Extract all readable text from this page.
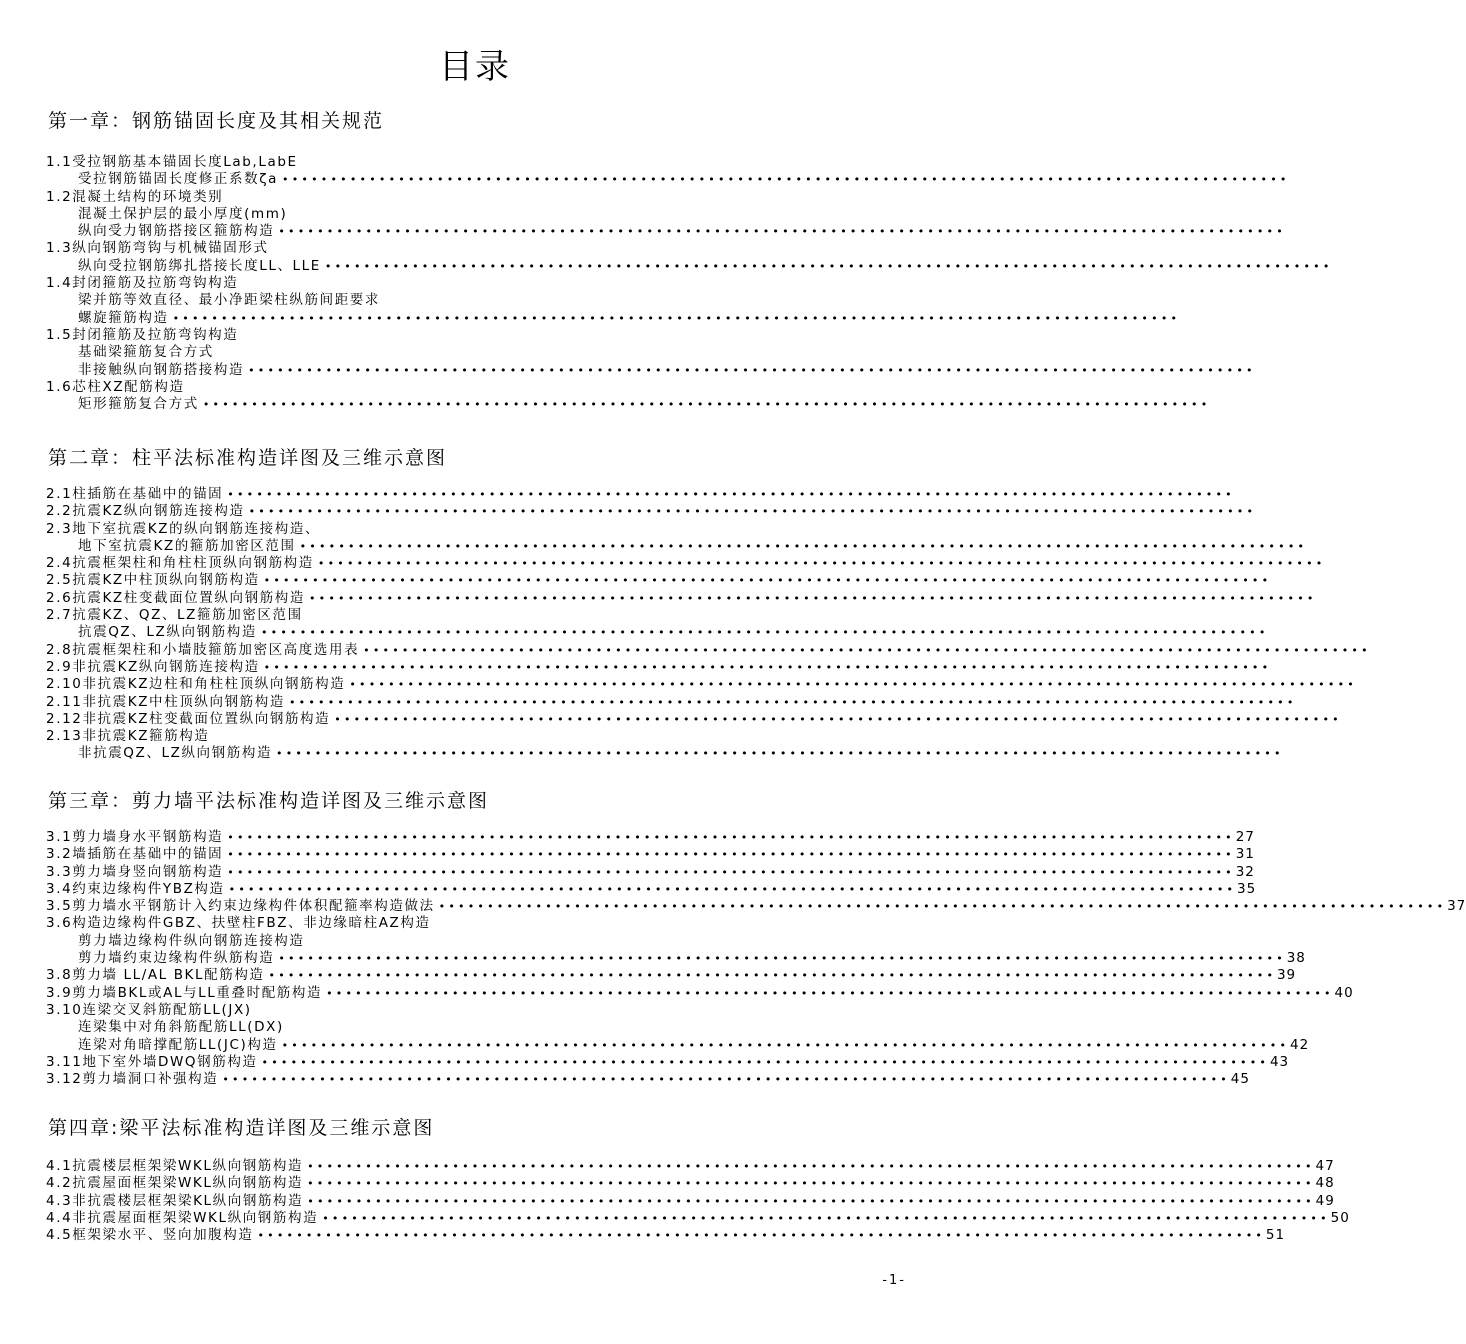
目录
第一章：钢筋锚固长度及其相关规范
1.1受拉钢筋基本锚固长度Lab,LabE
受拉钢筋锚固长度修正系数ζa ••••••••••••••••••••••••••••••••••••••••••••••••••••••••••••••••••••••••••••••••••••••••••••••••••••••••
1.2混凝土结构的环境类别
混凝土保护层的最小厚度(mm)
纵向受力钢筋搭接区箍筋构造 ••••••••••••••••••••••••••••••••••••••••••••••••••••••••••••••••••••••••••••••••••••••••••••••••••••••••
1.3纵向钢筋弯钩与机械锚固形式
纵向受拉钢筋绑扎搭接长度LL、LLE ••••••••••••••••••••••••••••••••••••••••••••••••••••••••••••••••••••••••••••••••••••••••••••••••••••••••
1.4封闭箍筋及拉筋弯钩构造
梁并筋等效直径、最小净距梁柱纵筋间距要求
螺旋箍筋构造 ••••••••••••••••••••••••••••••••••••••••••••••••••••••••••••••••••••••••••••••••••••••••••••••••••••••••
1.5封闭箍筋及拉筋弯钩构造
基础梁箍筋复合方式
非接触纵向钢筋搭接构造 ••••••••••••••••••••••••••••••••••••••••••••••••••••••••••••••••••••••••••••••••••••••••••••••••••••••••
1.6芯柱XZ配筋构造
矩形箍筋复合方式 ••••••••••••••••••••••••••••••••••••••••••••••••••••••••••••••••••••••••••••••••••••••••••••••••••••••••
第二章：柱平法标准构造详图及三维示意图
2.1柱插筋在基础中的锚固 ••••••••••••••••••••••••••••••••••••••••••••••••••••••••••••••••••••••••••••••••••••••••••••••••••••••••
2.2抗震KZ纵向钢筋连接构造 ••••••••••••••••••••••••••••••••••••••••••••••••••••••••••••••••••••••••••••••••••••••••••••••••••••••••
2.3地下室抗震KZ的纵向钢筋连接构造、
地下室抗震KZ的箍筋加密区范围 ••••••••••••••••••••••••••••••••••••••••••••••••••••••••••••••••••••••••••••••••••••••••••••••••••••••••
2.4抗震框架柱和角柱柱顶纵向钢筋构造 ••••••••••••••••••••••••••••••••••••••••••••••••••••••••••••••••••••••••••••••••••••••••••••••••••••••••
2.5抗震KZ中柱顶纵向钢筋构造 ••••••••••••••••••••••••••••••••••••••••••••••••••••••••••••••••••••••••••••••••••••••••••••••••••••••••
2.6抗震KZ柱变截面位置纵向钢筋构造 ••••••••••••••••••••••••••••••••••••••••••••••••••••••••••••••••••••••••••••••••••••••••••••••••••••••••
2.7抗震KZ、QZ、LZ箍筋加密区范围
抗震QZ、LZ纵向钢筋构造 ••••••••••••••••••••••••••••••••••••••••••••••••••••••••••••••••••••••••••••••••••••••••••••••••••••••••
2.8抗震框架柱和小墙肢箍筋加密区高度选用表 ••••••••••••••••••••••••••••••••••••••••••••••••••••••••••••••••••••••••••••••••••••••••••••••••••••••••
2.9非抗震KZ纵向钢筋连接构造 ••••••••••••••••••••••••••••••••••••••••••••••••••••••••••••••••••••••••••••••••••••••••••••••••••••••••
2.10非抗震KZ边柱和角柱柱顶纵向钢筋构造 ••••••••••••••••••••••••••••••••••••••••••••••••••••••••••••••••••••••••••••••••••••••••••••••••••••••••
2.11非抗震KZ中柱顶纵向钢筋构造 ••••••••••••••••••••••••••••••••••••••••••••••••••••••••••••••••••••••••••••••••••••••••••••••••••••••••
2.12非抗震KZ柱变截面位置纵向钢筋构造 ••••••••••••••••••••••••••••••••••••••••••••••••••••••••••••••••••••••••••••••••••••••••••••••••••••••••
2.13非抗震KZ箍筋构造
非抗震QZ、LZ纵向钢筋构造 ••••••••••••••••••••••••••••••••••••••••••••••••••••••••••••••••••••••••••••••••••••••••••••••••••••••••
第三章：剪力墙平法标准构造详图及三维示意图
3.1剪力墙身水平钢筋构造 •••••••••••••••••••••••••••••••••••••••••••••••••••••••••••••••••••••••••••••••••••••••••••••••••••••••• 27
3.2墙插筋在基础中的锚固 •••••••••••••••••••••••••••••••••••••••••••••••••••••••••••••••••••••••••••••••••••••••••••••••••••••••• 31
3.3剪力墙身竖向钢筋构造 •••••••••••••••••••••••••••••••••••••••••••••••••••••••••••••••••••••••••••••••••••••••••••••••••••••••• 32
3.4约束边缘构件YBZ构造 •••••••••••••••••••••••••••••••••••••••••••••••••••••••••••••••••••••••••••••••••••••••••••••••••••••••• 35
3.5剪力墙水平钢筋计入约束边缘构件体积配箍率构造做法 •••••••••••••••••••••••••••••••••••••••••••••••••••••••••••••••••••••••••••••••••••••••••••••••••••••••• 37
3.6构造边缘构件GBZ、扶壁柱FBZ、非边缘暗柱AZ构造
剪力墙边缘构件纵向钢筋连接构造
剪力墙约束边缘构件纵筋构造 •••••••••••••••••••••••••••••••••••••••••••••••••••••••••••••••••••••••••••••••••••••••••••••••••••••••• 38
3.8剪力墙 LL/AL BKL配筋构造 •••••••••••••••••••••••••••••••••••••••••••••••••••••••••••••••••••••••••••••••••••••••••••••••••••••••• 39
3.9剪力墙BKL或AL与LL重叠时配筋构造 •••••••••••••••••••••••••••••••••••••••••••••••••••••••••••••••••••••••••••••••••••••••••••••••••••••••• 40
3.10连梁交叉斜筋配筋LL(JX)
连梁集中对角斜筋配筋LL(DX)
连梁对角暗撑配筋LL(JC)构造 •••••••••••••••••••••••••••••••••••••••••••••••••••••••••••••••••••••••••••••••••••••••••••••••••••••••• 42
3.11地下室外墙DWQ钢筋构造 •••••••••••••••••••••••••••••••••••••••••••••••••••••••••••••••••••••••••••••••••••••••••••••••••••••••• 43
3.12剪力墙洞口补强构造 •••••••••••••••••••••••••••••••••••••••••••••••••••••••••••••••••••••••••••••••••••••••••••••••••••••••• 45
第四章:梁平法标准构造详图及三维示意图
4.1抗震楼层框架梁WKL纵向钢筋构造 •••••••••••••••••••••••••••••••••••••••••••••••••••••••••••••••••••••••••••••••••••••••••••••••••••••••• 47
4.2抗震屋面框架梁WKL纵向钢筋构造 •••••••••••••••••••••••••••••••••••••••••••••••••••••••••••••••••••••••••••••••••••••••••••••••••••••••• 48
4.3非抗震楼层框架梁KL纵向钢筋构造 •••••••••••••••••••••••••••••••••••••••••••••••••••••••••••••••••••••••••••••••••••••••••••••••••••••••• 49
4.4非抗震屋面框架梁WKL纵向钢筋构造 •••••••••••••••••••••••••••••••••••••••••••••••••••••••••••••••••••••••••••••••••••••••••••••••••••••••• 50
4.5框架梁水平、竖向加腹构造 •••••••••••••••••••••••••••••••••••••••••••••••••••••••••••••••••••••••••••••••••••••••••••••••••••••••• 51
-1-
